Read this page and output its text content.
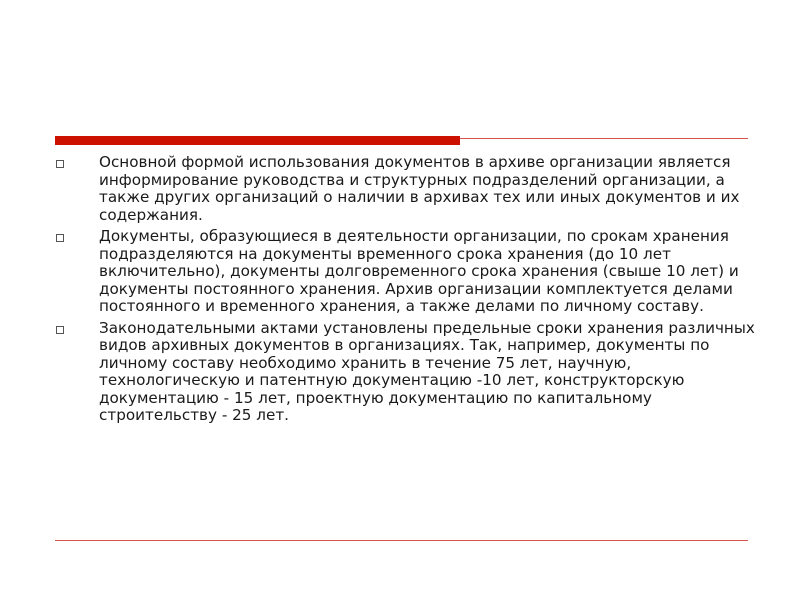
Основной формой использования документов в архиве организации является информирование руководства и структурных подразделений организации, а также других организаций о наличии в архивах тех или иных документов и их содержания.
Документы, образующиеся в деятельности организации, по срокам хранения подразделяются на документы временного срока хранения (до 10 лет включительно), документы долговременного срока хранения (свыше 10 лет) и документы постоянного хранения. Архив организации комплектуется делами постоянного и временного хранения, а также делами по личному составу.
Законодательными актами установлены предельные сроки хранения различных видов архивных документов в организациях. Так, например, документы по личному составу необходимо хранить в течение 75 лет, научную, технологическую и патентную документацию -10 лет, конструкторскую документацию - 15 лет, проектную документацию по капитальному строительству - 25 лет.
